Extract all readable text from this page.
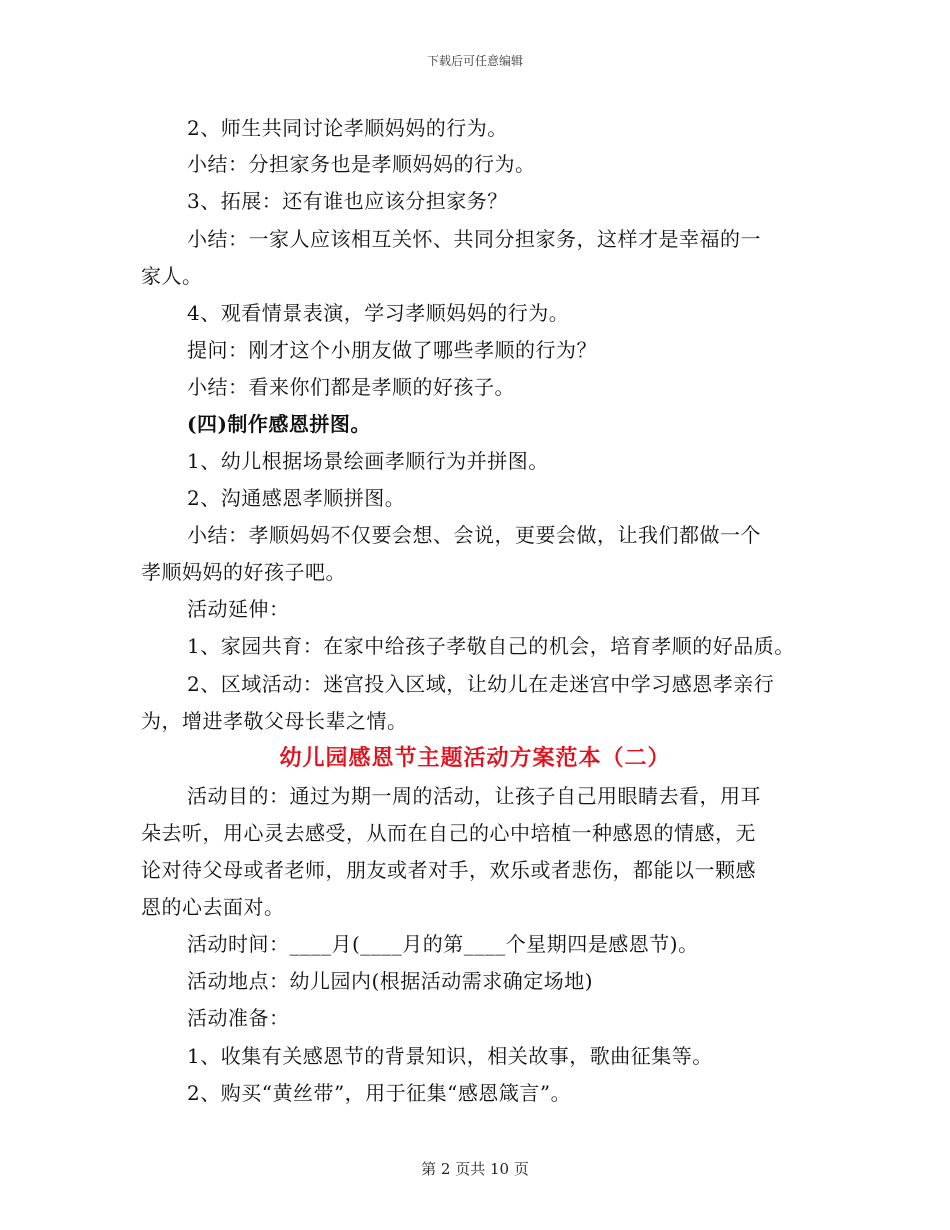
下载后可任意编辑
2、师生共同讨论孝顺妈妈的行为。
小结：分担家务也是孝顺妈妈的行为。
3、拓展：还有谁也应该分担家务？
小结：一家人应该相互关怀、共同分担家务，这样才是幸福的一
家人。
4、观看情景表演，学习孝顺妈妈的行为。
提问：刚才这个小朋友做了哪些孝顺的行为？
小结：看来你们都是孝顺的好孩子。
(四)制作感恩拼图。
1、幼儿根据场景绘画孝顺行为并拼图。
2、沟通感恩孝顺拼图。
小结：孝顺妈妈不仅要会想、会说，更要会做，让我们都做一个
孝顺妈妈的好孩子吧。
活动延伸：
1、家园共育：在家中给孩子孝敬自己的机会，培育孝顺的好品质。
2、区域活动：迷宫投入区域，让幼儿在走迷宫中学习感恩孝亲行
为，增进孝敬父母长辈之情。
幼儿园感恩节主题活动方案范本（二）
活动目的：通过为期一周的活动，让孩子自己用眼睛去看，用耳
朵去听，用心灵去感受，从而在自己的心中培植一种感恩的情感，无
论对待父母或者老师，朋友或者对手，欢乐或者悲伤，都能以一颗感
恩的心去面对。
活动时间：____月(____月的第____个星期四是感恩节)。
活动地点：幼儿园内(根据活动需求确定场地)
活动准备：
1、收集有关感恩节的背景知识，相关故事，歌曲征集等。
2、购买“黄丝带”，用于征集“感恩箴言”。
第 2 页共 10 页
